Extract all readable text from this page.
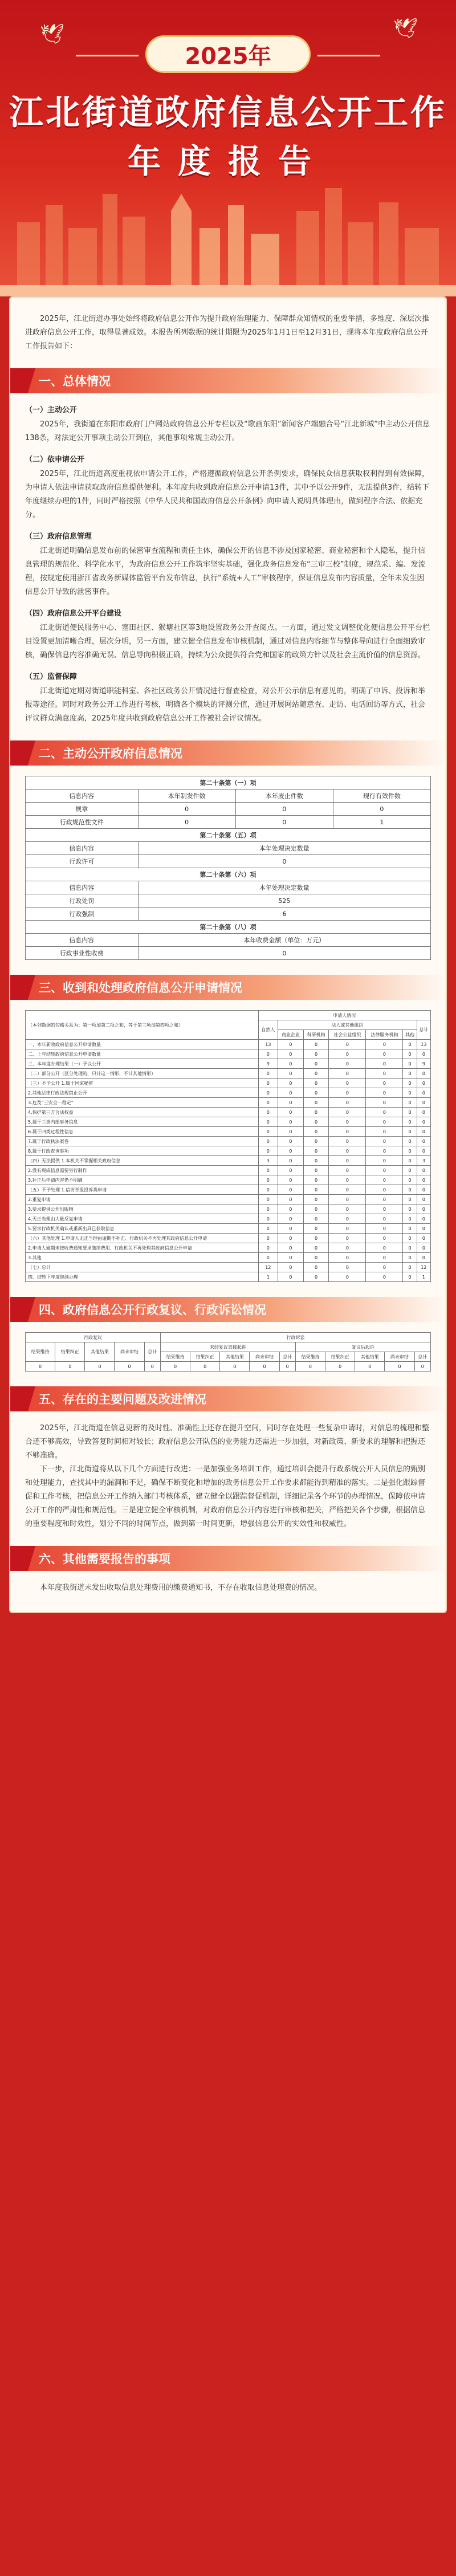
🕊	🕊
2025年
江北街道政府信息公开工作
年度报告

2025年，江北街道办事处始终将政府信息公开作为提升政府治理能力、保障群众知情权的重要举措，多维度、深层次推进政府信息公开工作，取得显著成效。本报告所列数据的统计期限为2025年1月1日至12月31日，现将本年度政府信息公开工作报告如下：

一、总体情况
（一）主动公开

2025年，我街道在东阳市政府门户网站政府信息公开专栏以及“歌画东阳”新闻客户端融合号“江北新城”中主动公开信息138条，对法定公开事项主动公开到位，其他事项常规主动公开。

（二）依申请公开

2025年，江北街道高度重视依申请公开工作，严格遵循政府信息公开条例要求，确保民众信息获取权利得到有效保障，为申请人依法申请获取政府信息提供便利。本年度共收到政府信息公开申请13件，其中予以公开9件，无法提供3件，结转下年度继续办理的1件，同时严格按照《中华人民共和国政府信息公开条例》向申请人说明具体理由，做到程序合法、依据充分。

（三）政府信息管理

江北街道明确信息发布前的保密审查流程和责任主体，确保公开的信息不涉及国家秘密、商业秘密和个人隐私，提升信息管理的规范化、科学化水平，为政府信息公开工作筑牢坚实基础，强化政务信息发布“三审三校”制度，规范采、编、发流程，按规定使用浙江省政务新媒体监管平台发布信息，执行“系统+人工”审核程序，保证信息发布内容质量，全年未发生因信息公开导致的泄密事件。

（四）政府信息公开平台建设

江北街道便民服务中心、塞田社区、猴塘社区等3地设置政务公开查阅点。一方面，通过发文调整优化便信息公开平台栏目设置更加清晰合理，层次分明，另一方面，建立健全信息发布审核机制，通过对信息内容细节与整体导向进行全面细致审核，确保信息内容准确无误、信息导向积极正确，持续为公众提供符合党和国家的政策方针以及社会主流价值的信息资源。

（五）监督保障

江北街道定期对街道职能科室、各社区政务公开情况进行督查检查，对公开公示信息有意见的，明确了申诉、投诉和举报等途径。同时对政务公开工作进行考核，明确各个模块的评测分值，通过开展网站随意查、走访、电话回访等方式，社会评议群众满意度高，2025年度共收到政府信息公开工作被社会评议情况。

二、主动公开政府信息情况
第二十条第（一）项			
信息内容	本年制发件数	本年废止件数	现行有效件数
规章	0	0	0
行政规范性文件	0	0	1
第二十条第（五）项			
信息内容	本年处理决定数量		
行政许可	0		
第二十条第（六）项			
信息内容	本年处理决定数量		
行政处罚	525		
行政强制	6		
第二十条第（八）项			
信息内容	本年收费金额（单位：万元）		
行政事业性收费	0		
三、收到和处理政府信息公开申请情况
（本列数据的勾稽关系为：第一项加第二项之和，等于第三项加第四项之和）	申请人情况						
	自然人	法人或其他组织					总计
		商业企业	科研机构	社会公益组织	法律服务机构	其他	
一、本年新收政府信息公开申请数量	13	0	0	0	0	0	13
二、上年结转政府信息公开申请数量	0	0	0	0	0	0	0
三、本年度办理结果（一）予以公开	9	0	0	0	0	0	9
（二）部分公开（区分处理的，只计这一情形，不计其他情形）	0	0	0	0	0	0	0
（三）不予公开 1.属于国家秘密	0	0	0	0	0	0	0
2.其他法律行政法规禁止公开	0	0	0	0	0	0	0
3.危及“三安全一稳定”	0	0	0	0	0	0	0
4.保护第三方合法权益	0	0	0	0	0	0	0
5.属于三类内部事务信息	0	0	0	0	0	0	0
6.属于四类过程性信息	0	0	0	0	0	0	0
7.属于行政执法案卷	0	0	0	0	0	0	0
8.属于行政查询事项	0	0	0	0	0	0	0
（四）无法提供 1.本机关不掌握相关政府信息	3	0	0	0	0	0	3
2.没有现成信息需要另行制作	0	0	0	0	0	0	0
3.补正后申请内容仍不明确	0	0	0	0	0	0	0
（五）不予处理 1.信访举报投诉类申请	0	0	0	0	0	0	0
2.重复申请	0	0	0	0	0	0	0
3.要求提供公开出版物	0	0	0	0	0	0	0
4.无正当理由大量反复申请	0	0	0	0	0	0	0
5.要求行政机关确认或重新出具已获取信息	0	0	0	0	0	0	0
（六）其他处理 1.申请人无正当理由逾期不补正、行政机关不再处理其政府信息公开申请	0	0	0	0	0	0	0
2.申请人逾期未按收费通知要求缴纳费用、行政机关不再处理其政府信息公开申请	0	0	0	0	0	0	0
3.其他	0	0	0	0	0	0	0
（七）总计	12	0	0	0	0	0	12
四、结转下年度继续办理	1	0	0	0	0	0	1
四、政府信息公开行政复议、行政诉讼情况
行政复议					行政诉讼									
结果维持	结果纠正	其他结果	尚未审结	总计	未经复议直接起诉					复议后起诉				
					结果维持	结果纠正	其他结果	尚未审结	总计	结果维持	结果纠正	其他结果	尚未审结	总计
0	0	0	0	0	0	0	0	0	0	0	0	0	0	0
五、存在的主要问题及改进情况

2025年，江北街道在信息更新的及时性、准确性上还存在提升空间，同时存在处理一些复杂申请时，对信息的梳理和整合还不够高效，导致答复时间相对较长；政府信息公开队伍的业务能力还需进一步加强，对新政策、新要求的理解和把握还不够准确。

下一步，江北街道将从以下几个方面进行改进：一是加强业务培训工作，通过培训会提升行政系统公开人员信息的甄别和处理能力，查找其中的漏洞和不足，确保不断变化和增加的政务信息公开工作要求都能得到精准的落实。二是强化跟踪督促和工作考核，把信息公开工作纳入部门考核体系，建立健全以跟踪督促机制，详细记录各个环节的办理情况，保障依申请公开工作的严肃性和规范性。三是建立健全审核机制，对政府信息公开内容进行审核和把关，严格把关各个步骤，根据信息的重要程度和时效性，划分不同的时间节点，做到第一时间更新，增强信息公开的实效性和权威性。

六、其他需要报告的事项

本年度我街道未发出收取信息处理费用的缴费通知书，不存在收取信息处理费的情况。
